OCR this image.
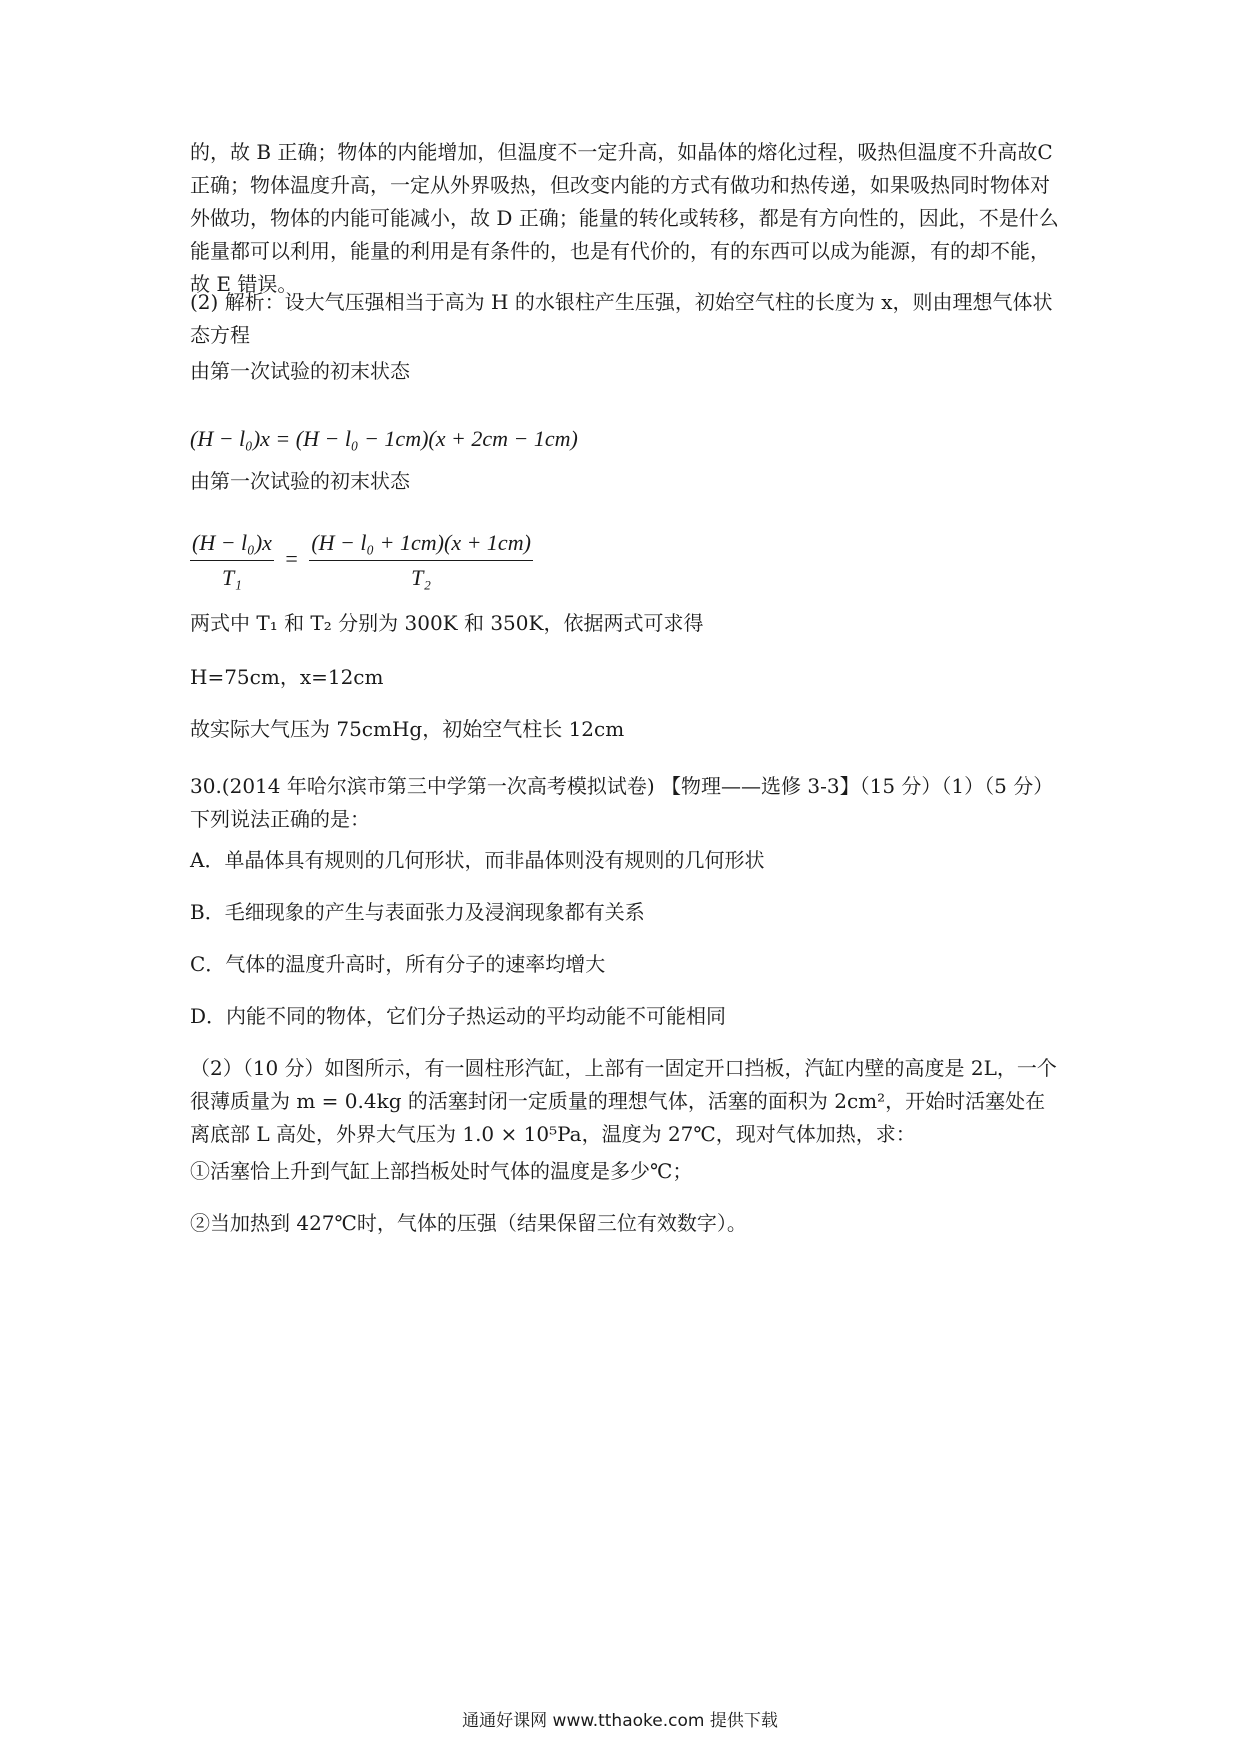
的，故 B 正确；物体的内能增加，但温度不一定升高，如晶体的熔化过程，吸热但温度不升高故C正确；物体温度升高，一定从外界吸热，但改变内能的方式有做功和热传递，如果吸热同时物体对外做功，物体的内能可能减小，故 D 正确；能量的转化或转移，都是有方向性的，因此，不是什么能量都可以利用，能量的利用是有条件的，也是有代价的，有的东西可以成为能源，有的却不能，故 E 错误。

(2) 解析：设大气压强相当于高为 H 的水银柱产生压强，初始空气柱的长度为 x，则由理想气体状态方程

由第一次试验的初末状态
(H − l₀)x = (H − l₀ − 1cm)(x + 2cm − 1cm)
由第一次试验的初末状态
$\frac{\text{(H − l₀)x}}{\text{T₁}} = \frac{\text{(H − l₀ + 1cm)(x + 1cm)}}{\text{T₂}}$
两式中 T₁ 和 T₂ 分别为 300K 和 350K，依据两式可求得
H=75cm，x=12cm
故实际大气压为 75cmHg，初始空气柱长 12cm

30.(2014 年哈尔滨市第三中学第一次高考模拟试卷) 【物理——选修 3-3】（15 分）（1）（5 分）下列说法正确的是：

A．单晶体具有规则的几何形状，而非晶体则没有规则的几何形状
B．毛细现象的产生与表面张力及浸润现象都有关系
C．气体的温度升高时，所有分子的速率均增大
D．内能不同的物体，它们分子热运动的平均动能不可能相同

（2）（10 分）如图所示，有一圆柱形汽缸，上部有一固定开口挡板，汽缸内壁的高度是 2L，一个很薄质量为 m = 0.4kg 的活塞封闭一定质量的理想气体，活塞的面积为 2cm²，开始时活塞处在离底部 L 高处，外界大气压为 1.0 × 10⁵Pa，温度为 27℃，现对气体加热，求：

①活塞恰上升到气缸上部挡板处时气体的温度是多少℃；
②当加热到 427℃时，气体的压强（结果保留三位有效数字）。
通通好课网 www.tthaoke.com 提供下载
